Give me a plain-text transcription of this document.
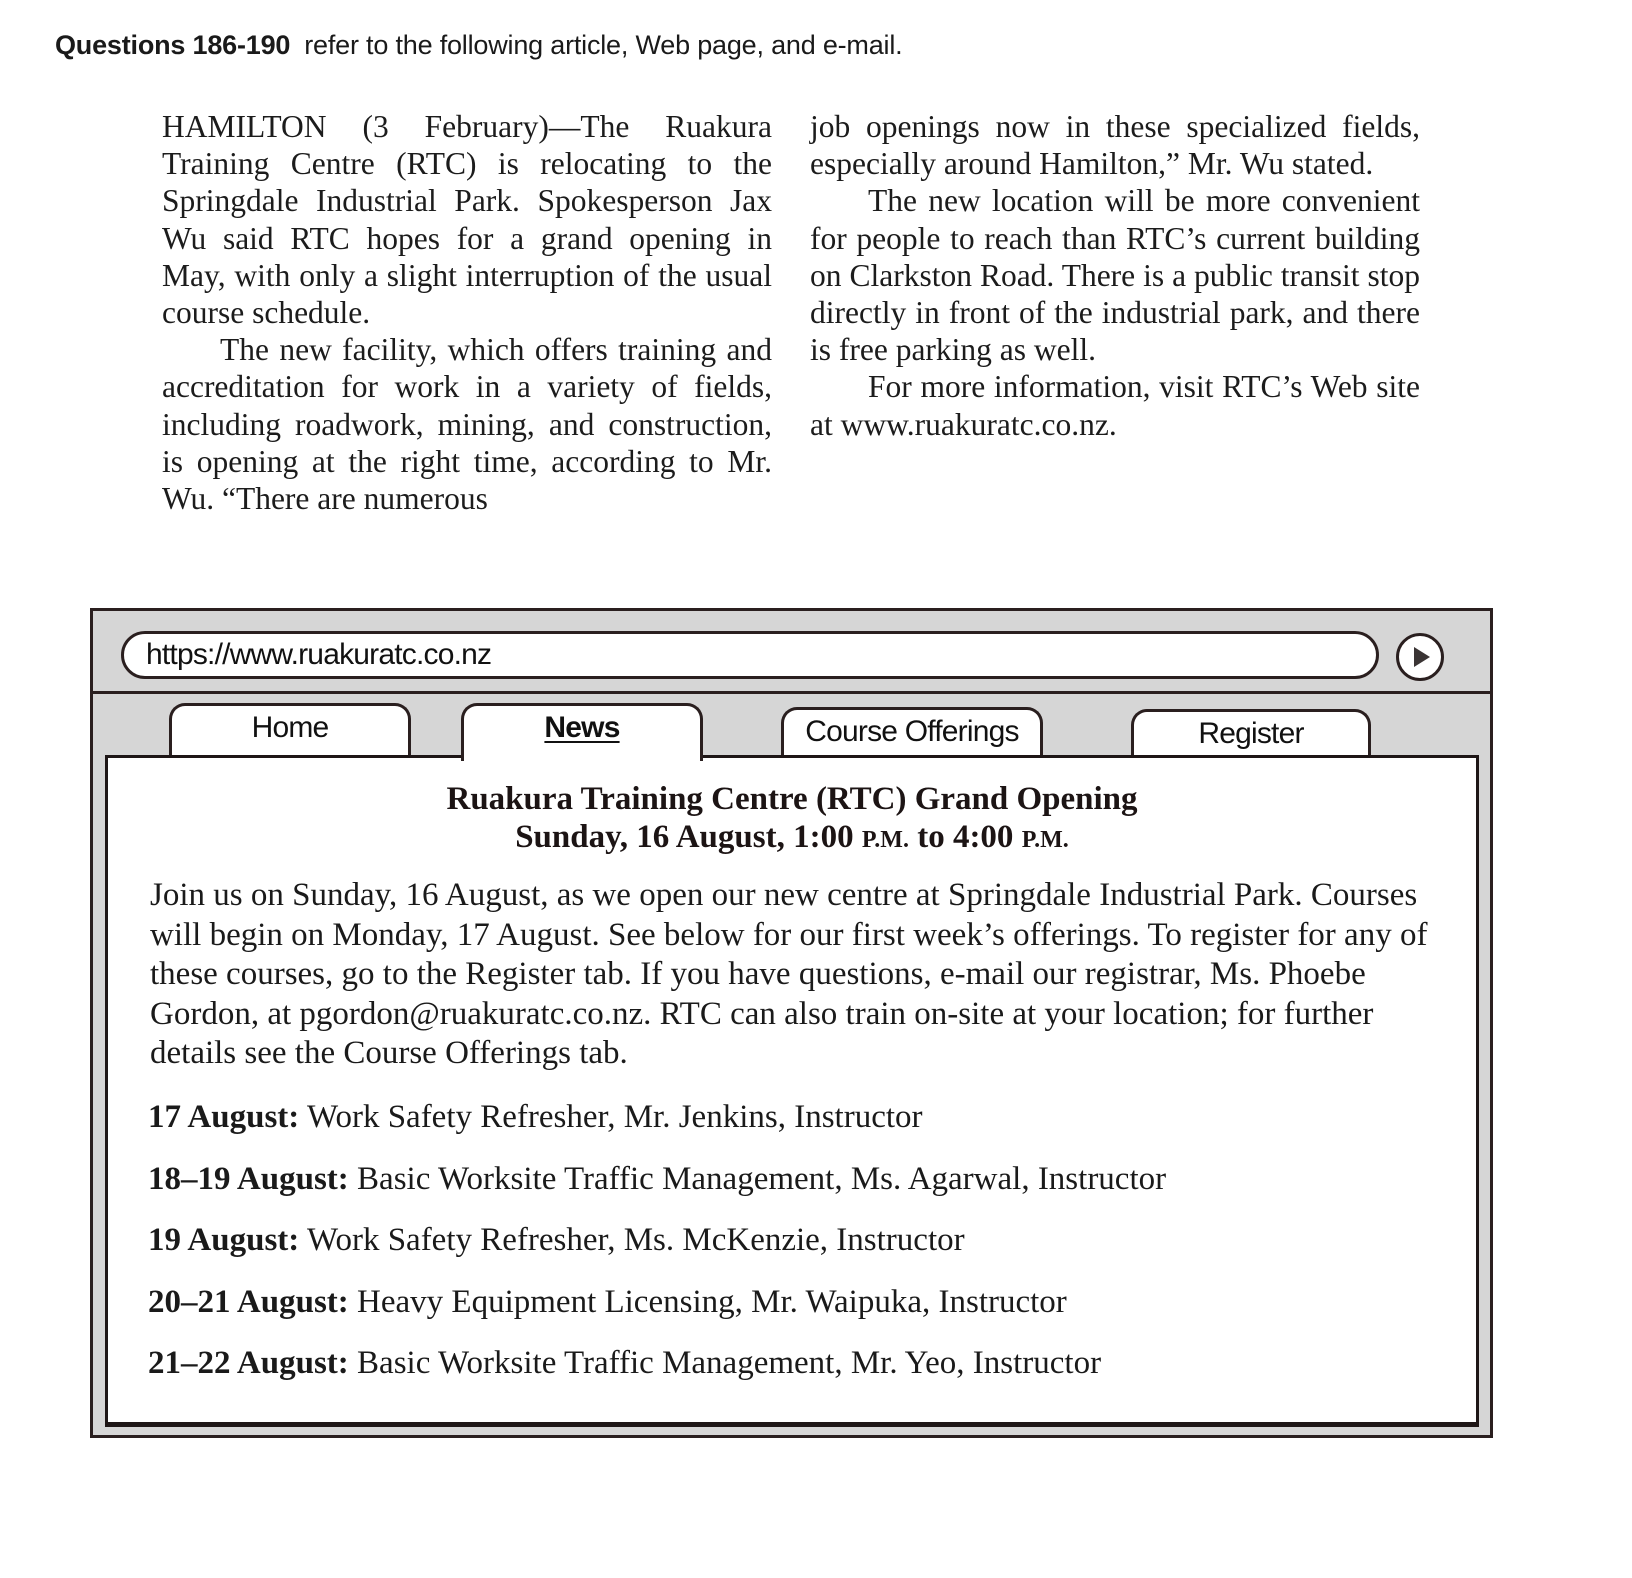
Questions 186-190 refer to the following article, Web page, and e-mail.

HAMILTON (3 February)—The Ruakura Training Centre (RTC) is relocating to the Springdale Industrial Park. Spokesperson Jax Wu said RTC hopes for a grand opening in May, with only a slight interruption of the usual course schedule.

The new facility, which offers training and accreditation for work in a variety of fields, including roadwork, mining, and construction, is opening at the right time, according to Mr. Wu. “There are numerous

job openings now in these specialized fields, especially around Hamilton,” Mr. Wu stated.

The new location will be more convenient for people to reach than RTC’s current building on Clarkston Road. There is a public transit stop directly in front of the industrial park, and there is free parking as well.

For more information, visit RTC’s Web site at www.ruakuratc.co.nz.

https://www.ruakuratc.co.nz
Home	News	Course Offerings	Register
Ruakura Training Centre (RTC) Grand Opening
Sunday, 16 August, 1:00 P.M. to 4:00 P.M.
Join us on Sunday, 16 August, as we open our new centre at Springdale Industrial Park. Courses will begin on Monday, 17 August. See below for our first week’s offerings. To register for any of these courses, go to the Register tab. If you have questions, e-mail our registrar, Ms. Phoebe Gordon, at pgordon@ruakuratc.co.nz. RTC can also train on-site at your location; for further details see the Course Offerings tab.
17 August: Work Safety Refresher, Mr. Jenkins, Instructor
18–19 August: Basic Worksite Traffic Management, Ms. Agarwal, Instructor
19 August: Work Safety Refresher, Ms. McKenzie, Instructor
20–21 August: Heavy Equipment Licensing, Mr. Waipuka, Instructor
21–22 August: Basic Worksite Traffic Management, Mr. Yeo, Instructor
